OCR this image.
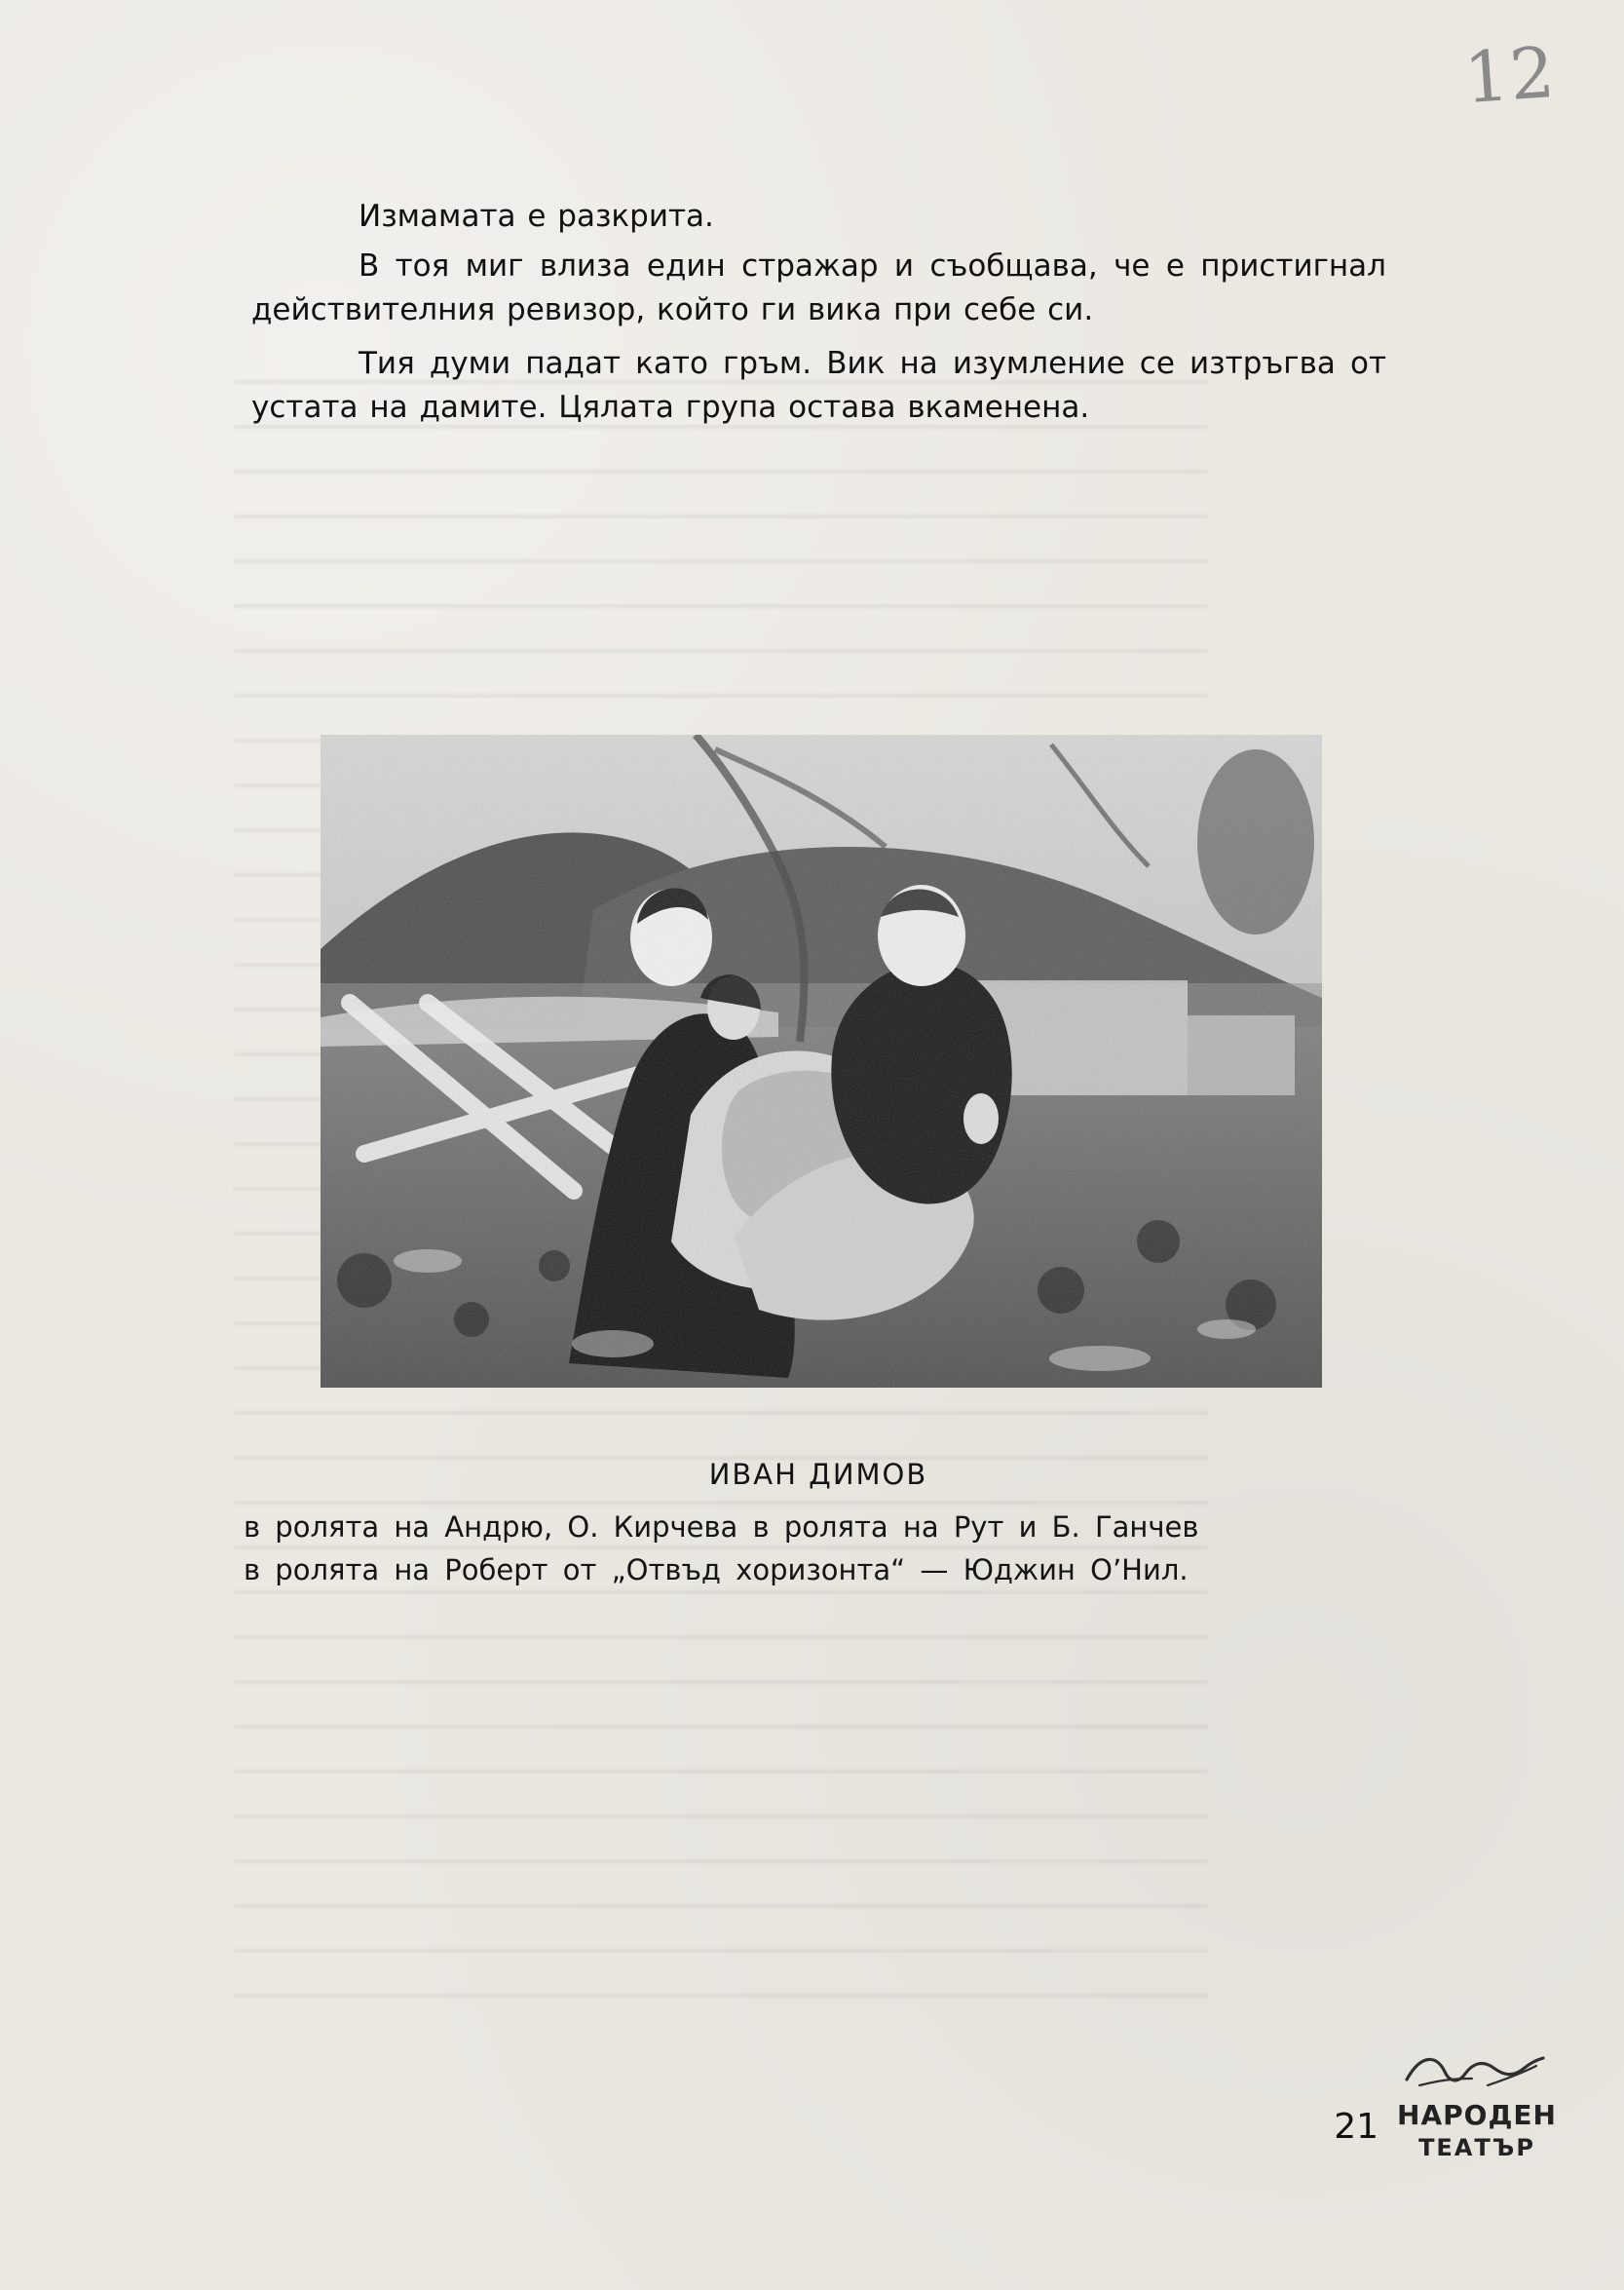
12

Измамата е разкрита.

В тоя миг влиза един стражар и съобщава, че е пристигнал действителния ревизор, който ги вика при себе си.

Тия думи падат като гръм. Вик на изумление се изтръгва от устата на дамите. Цялата група остава вкаменена.

ИВАН ДИМОВ
в ролята на Андрю, О. Кирчева в ролята на Рут и Б. Ганчев
в ролята на Роберт от „Отвъд хоризонта“ — Юджин О’Нил.
21 НАРОДЕН
ТЕАТЪР
